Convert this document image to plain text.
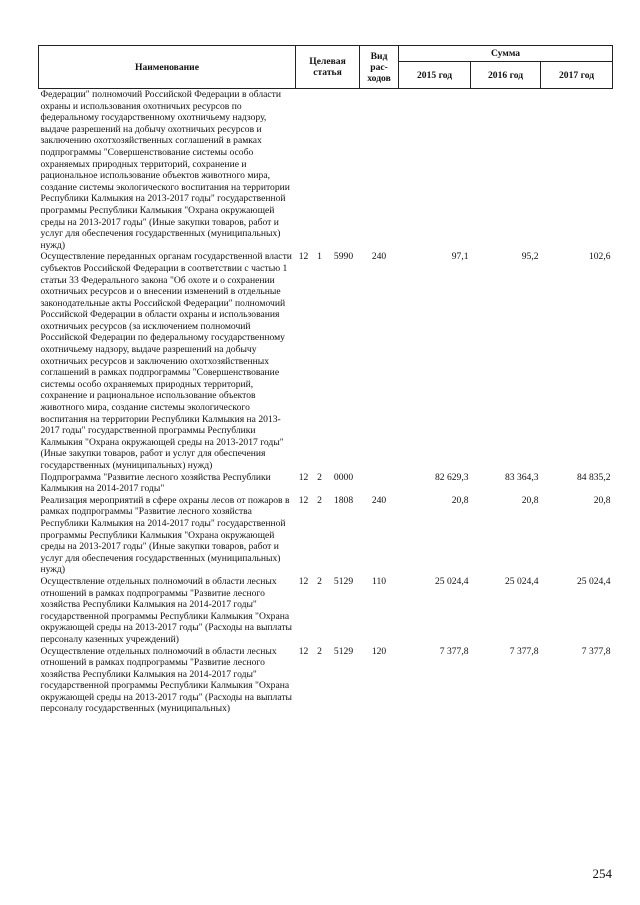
Наименование	Целевая статья			Вид рас- ходов	Сумма		
					2015 год	2016 год	2017 год
Федерации" полномочий Российской Федерации в области охраны и использования охотничьих ресурсов по федеральному государственному охотничьему надзору, выдаче разрешений на добычу охотничьих ресурсов и заключению охотхозяйственных соглашений в рамках подпрограммы "Совершенствование системы особо охраняемых природных территорий, сохранение и рациональное использование объектов животного мира, создание системы экологического воспитания на территории Республики Калмыкия на 2013-2017 годы" государственной программы Республики Калмыкия "Охрана окружающей среды на 2013-2017 годы" (Иные закупки товаров, работ и услуг для обеспечения государственных (муниципальных) нужд)							
Осуществление переданных органам государственной власти субъектов Российской Федерации в соответствии с частью 1 статьи 33 Федерального закона "Об охоте и о сохранении охотничьих ресурсов и о внесении изменений в отдельные законодательные акты Российской Федерации" полномочий Российской Федерации в области охраны и использования охотничьих ресурсов (за исключением полномочий Российской Федерации по федеральному государственному охотничьему надзору, выдаче разрешений на добычу охотничьих ресурсов и заключению охотхозяйственных соглашений в рамках подпрограммы "Совершенствование системы особо охраняемых природных территорий, сохранение и рациональное использование объектов животного мира, создание системы экологического воспитания на территории Республики Калмыкия на 2013-2017 годы" государственной программы Республики Калмыкия "Охрана окружающей среды на 2013-2017 годы" (Иные закупки товаров, работ и услуг для обеспечения государственных (муниципальных) нужд)	12	1	5990	240	97,1	95,2	102,6
Подпрограмма "Развитие лесного хозяйства Республики Калмыкия на 2014-2017 годы"	12	2	0000		82 629,3	83 364,3	84 835,2
Реализация мероприятий в сфере охраны лесов от пожаров в рамках подпрограммы "Развитие лесного хозяйства Республики Калмыкия на 2014-2017 годы" государственной программы Республики Калмыкия "Охрана окружающей среды на 2013-2017 годы" (Иные закупки товаров, работ и услуг для обеспечения государственных (муниципальных) нужд)	12	2	1808	240	20,8	20,8	20,8
Осуществление отдельных полномочий в области лесных отношений в рамках подпрограммы "Развитие лесного хозяйства Республики Калмыкия на 2014-2017 годы" государственной программы Республики Калмыкия "Охрана окружающей среды на 2013-2017 годы" (Расходы на выплаты персоналу казенных учреждений)	12	2	5129	110	25 024,4	25 024,4	25 024,4
Осуществление отдельных полномочий в области лесных отношений в рамках подпрограммы "Развитие лесного хозяйства Республики Калмыкия на 2014-2017 годы" государственной программы Республики Калмыкия "Охрана окружающей среды на 2013-2017 годы" (Расходы на выплаты персоналу государственных (муниципальных)	12	2	5129	120	7 377,8	7 377,8	7 377,8
254
